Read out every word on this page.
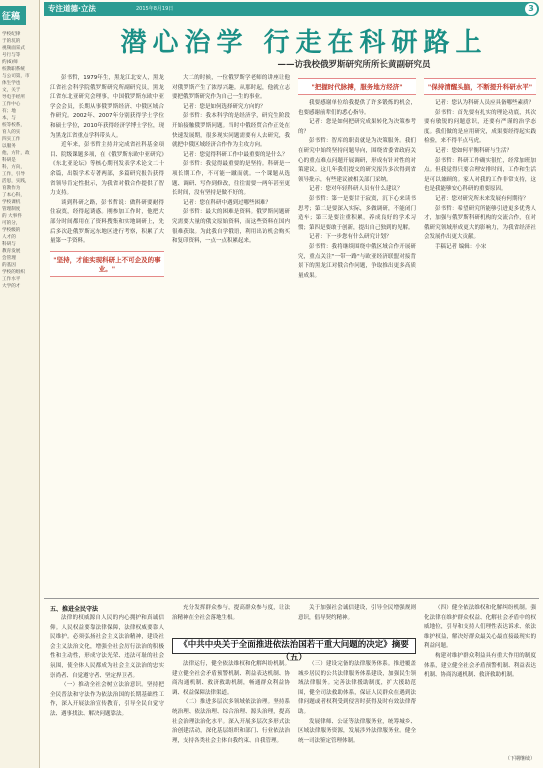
征稿
学校纪律
于的坑的
视频面采式
号行与等
约(6)师
校教职系统
与公司第，市
体生学也
文，关于
导电手经所
工作中心
有；地
本，与
校等校系，
育人的实
四实工作
以服务
他，方针，政
科研是
科，方向，
工作，引导
活思，实践，
育教作为
了本心科，
学校课机
管理制度
的 大事件
可的分，
学校级的
人才的
科研与
教育发展
会管理
的基因
学校的组织
工作水平
大学的才
专注道德·立法	2015年8月19日	3
潜心治学 行走在科研路上
——访我校俄罗斯研究所所长黄副研究员

彭书哲，1979年生，黑龙江北安人，黑龙江省社会科学院俄罗斯研究所副研究员，黑龙江省东北亚研究会理事，中国俄罗斯东欧中亚学会会员，长期从事俄罗斯经济、中俄区域合作研究。2002年、2007年分别获得学士学位和硕士学位，2010年获得经济学博士学位，现为黑龙江省重点学科带头人。

近年来，彭书哲主持并完成省社科基金项目、院级课题多项，在《俄罗斯东欧中亚研究》《东北亚论坛》等核心期刊发表学术论文二十余篇，出版学术专著两部，多篇研究报告获得省领导肯定性批示，为我省对俄合作提供了智力支持。

谈到科研之路，彭书哲说：做科研要耐得住寂寞，经得起诱惑。刚参加工作时，他把大部分时间都用在了资料搜集和实地调研上，先后多次赴俄罗斯远东地区进行考察，积累了大量第一手资料。

"坚持，才能实现科研上不可企及的事业。"

大二的时候，一位俄罗斯学老师的讲座让他对俄罗斯产生了浓厚兴趣。从那时起，他就立志要把俄罗斯研究作为自己一生的事业。

记者：您是如何选择研究方向的？

彭书哲：我本科学的是经济学，研究生阶段开始接触俄罗斯问题。当时中俄经贸合作正处在快速发展期，很多现实问题需要有人去研究，我就把中俄区域经济合作作为主攻方向。

记者：您觉得科研工作中最重要的是什么？

彭书哲：我觉得最重要的是坚持。科研是一项长期工作，不可能一蹴而就。一个课题从选题、调研、写作到修改，往往需要一两年甚至更长时间，没有坚持是做不好的。

记者：您在科研中遇到过哪些困难？

彭书哲：最大的困难是资料。俄罗斯问题研究需要大量的俄文原始资料，而这些资料在国内很难获取。为此我自学俄语，利用出访机会购买和复印资料，一点一点积累起来。

"把握时代脉搏，服务地方经济"

我要感谢单位给我提供了许多锻炼的机会，也要感谢前辈们的悉心指导。

记者：您是如何把研究成果转化为决策参考的？

彭书哲：智库的职责就是为决策服务。我们在研究中始终坚持问题导向，围绕省委省政府关心的重点难点问题开展调研，形成有针对性的对策建议。这几年我们提交的研究报告多次得到省领导批示，有些建议被相关部门采纳。

记者：您对年轻科研人员有什么建议？

彭书哲：第一是要甘于寂寞，沉下心来读书思考；第二是要深入实际，多做调研，不能闭门造车；第三是要注重积累，养成良好的学术习惯；第四是要敢于创新，提出自己独到的见解。

记者：下一步您有什么研究计划？

彭书哲：我将继续围绕中俄区域合作开展研究，重点关注"一带一路"与欧亚经济联盟对接背景下的黑龙江对俄合作问题，争取推出更多高质量成果。

"保持清醒头脑，不断提升科研水平"

记者：您认为科研人员应具备哪些素质？

彭书哲：首先要有扎实的理论功底，其次要有敏锐的问题意识，还要有严谨的治学态度。我们做的是应用研究，成果要经得起实践检验，来不得半点马虎。

记者：您如何平衡科研与生活？

彭书哲：科研工作确实很忙，经常加班加点。但我觉得只要合理安排时间，工作和生活是可以兼顾的。家人对我的工作非常支持，这也是我能够安心科研的重要原因。

记者：您对研究所未来发展有何期待？

彭书哲：希望研究所能够引进更多优秀人才，加强与俄罗斯科研机构的交流合作，在对俄研究领域形成更大的影响力，为我省经济社会发展作出更大贡献。

手稿记者 编辑：小宋

五、推进全民守法

法律的权威源自人民的内心拥护和真诚信仰。人民权益要靠法律保障，法律权威要靠人民维护。必须弘扬社会主义法治精神，建设社会主义法治文化，增强全社会厉行法治的积极性和主动性，形成守法光荣、违法可耻的社会氛围，使全体人民都成为社会主义法治的忠实崇尚者、自觉遵守者、坚定捍卫者。

（一）推动全社会树立法治意识。坚持把全民普法和守法作为依法治国的长期基础性工作，深入开展法治宣传教育，引导全民自觉守法、遇事找法、解决问题靠法。

充分发挥群众参与，提高群众参与度，让法治精神在全社会落地生根。

关于加强社会诚信建设，引导全民增强规则意识，倡导契约精神。

《中共中央关于全面推进依法治国若干重大问题的决定》摘要（五）

法律运行，健全依法维权和化解纠纷机制。建立健全社会矛盾预警机制、利益表达机制、协商沟通机制、救济救助机制，畅通群众利益协调、权益保障法律渠道。

（二）推进多层次多领域依法治理。坚持系统治理、依法治理、综合治理、源头治理，提高社会治理法治化水平。深入开展多层次多形式法治创建活动，深化基层组织和部门、行业依法治理，支持各类社会主体自我约束、自我管理。

（三）建设完备的法律服务体系。推进覆盖城乡居民的公共法律服务体系建设，加强民生领域法律服务。完善法律援助制度，扩大援助范围，健全司法救助体系，保证人民群众在遇到法律问题或者权利受到侵害时获得及时有效法律帮助。

发展律师、公证等法律服务业，统筹城乡、区域法律服务资源，发展涉外法律服务业。健全统一司法鉴定管理体制。

（四）健全依法维权和化解纠纷机制。强化法律在维护群众权益、化解社会矛盾中的权威地位，引导和支持人们理性表达诉求、依法维护权益，解决好群众最关心最直接最现实的利益问题。

构建对维护群众利益具有重大作用的制度体系，建立健全社会矛盾预警机制、利益表达机制、协商沟通机制、救济救助机制。

（下期继续）
